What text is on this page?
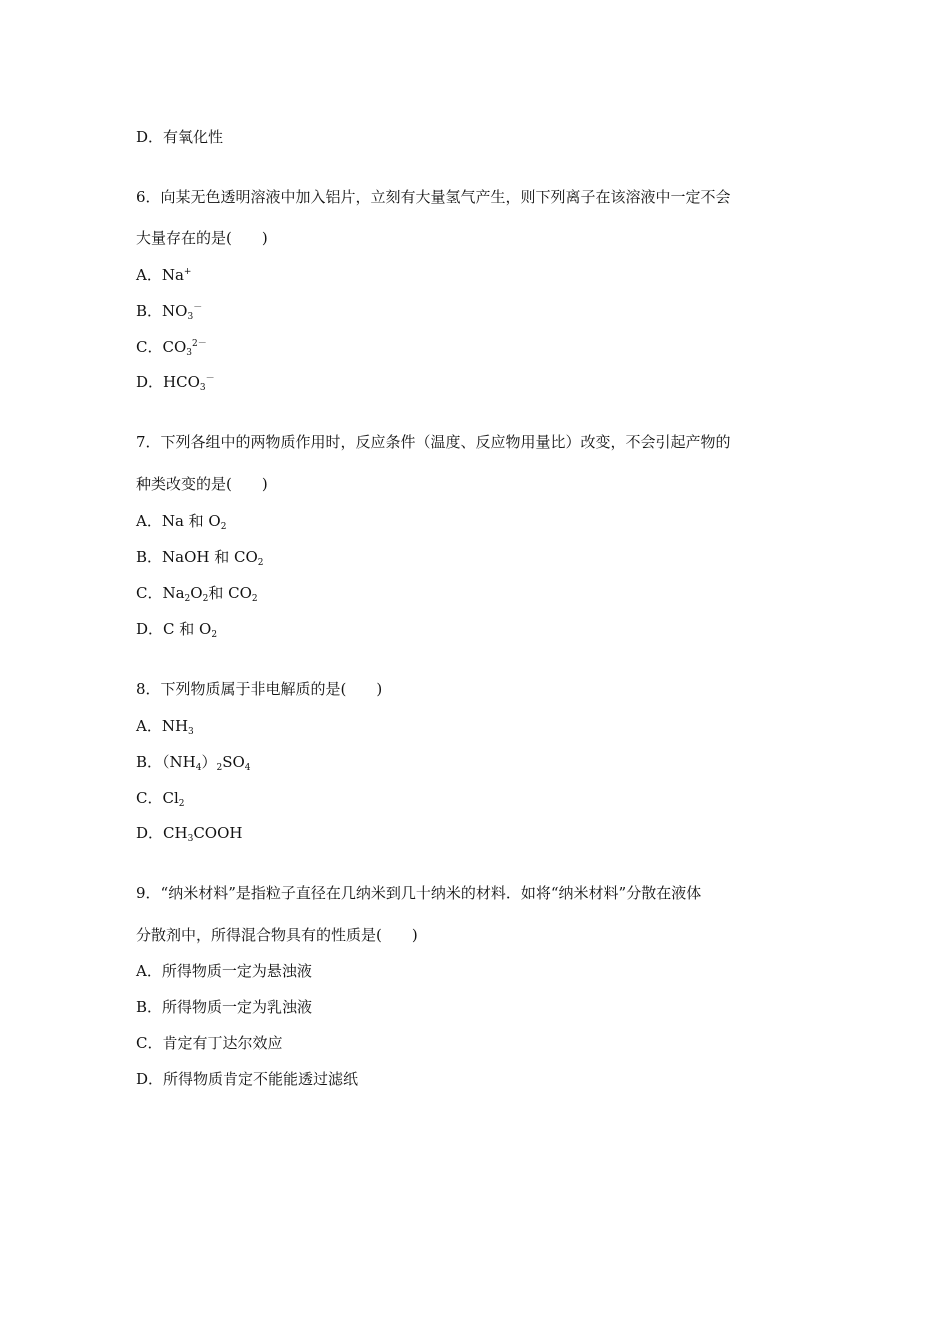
D．有氧化性
6．向某无色透明溶液中加入铝片，立刻有大量氢气产生，则下列离子在该溶液中一定不会
大量存在的是(　　)
A．Na+
B．$NO_3^-$
C．$CO_3^{2-}$
D．$HCO_3^-$
7．下列各组中的两物质作用时，反应条件（温度、反应物用量比）改变，不会引起产物的
种类改变的是(　　)
A．Na 和 $O_2$
B．NaOH 和 $CO_2$
C．$Na_2O_2$和 $CO_2$
D．C 和 $O_2$
8．下列物质属于非电解质的是(　　)
A．$NH_3$
B．$(NH_4)_2SO_4$
C．$Cl_2$
D．$CH_3COOH$
9．“纳米材料”是指粒子直径在几纳米到几十纳米的材料．如将“纳米材料”分散在液体
分散剂中，所得混合物具有的性质是(　　)
A．所得物质一定为悬浊液
B．所得物质一定为乳浊液
C．肯定有丁达尔效应
D．所得物质肯定不能能透过滤纸
